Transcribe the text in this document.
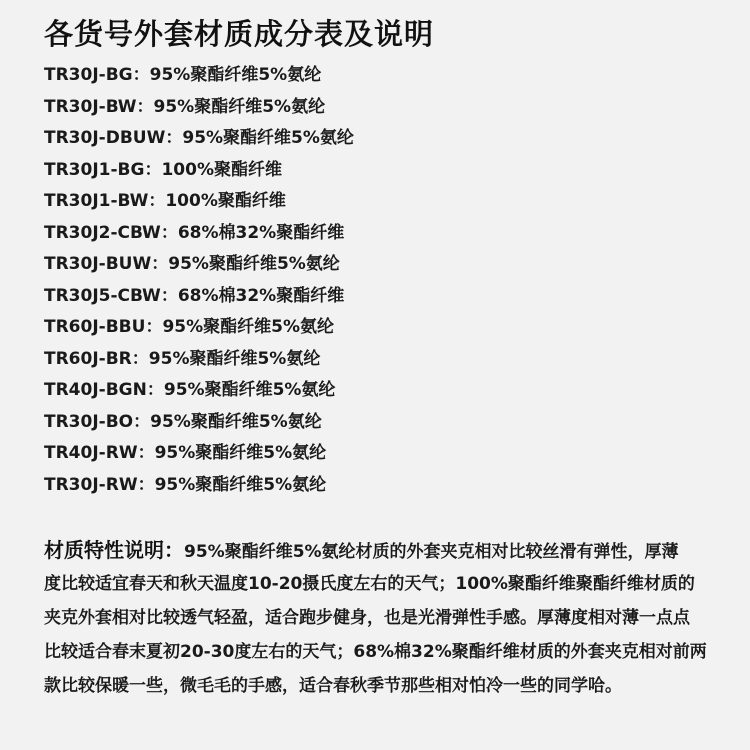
各货号外套材质成分表及说明
TR30J-BG：95%聚酯纤维5%氨纶
TR30J-BW：95%聚酯纤维5%氨纶
TR30J-DBUW：95%聚酯纤维5%氨纶
TR30J1-BG：100%聚酯纤维
TR30J1-BW：100%聚酯纤维
TR30J2-CBW：68%棉32%聚酯纤维
TR30J-BUW：95%聚酯纤维5%氨纶
TR30J5-CBW：68%棉32%聚酯纤维
TR60J-BBU：95%聚酯纤维5%氨纶
TR60J-BR：95%聚酯纤维5%氨纶
TR40J-BGN：95%聚酯纤维5%氨纶
TR30J-BO：95%聚酯纤维5%氨纶
TR40J-RW：95%聚酯纤维5%氨纶
TR30J-RW：95%聚酯纤维5%氨纶
材质特性说明：95%聚酯纤维5%氨纶材质的外套夹克相对比较丝滑有弹性，厚薄
度比较适宜春天和秋天温度10-20摄氏度左右的天气；100%聚酯纤维聚酯纤维材质的
夹克外套相对比较透气轻盈，适合跑步健身，也是光滑弹性手感。厚薄度相对薄一点点
比较适合春末夏初20-30度左右的天气；68%棉32%聚酯纤维材质的外套夹克相对前两
款比较保暖一些，微毛毛的手感，适合春秋季节那些相对怕冷一些的同学哈。
